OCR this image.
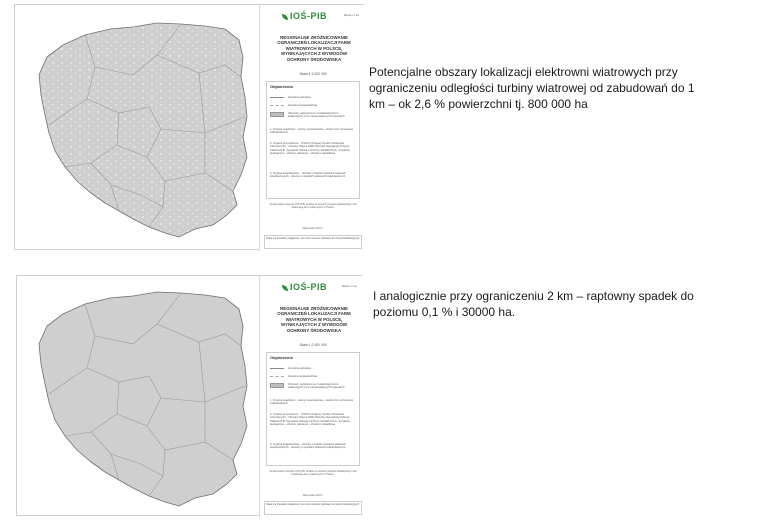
IOŚ-PIB	Mapa nr 1a
REGIONALNE ZRÓŻNICOWANIE OGRANICZEŃ LOKALIZACJI FARM WIATROWYCH W POLSCE, WYNIKAJĄCYCH Z WYMOGÓW OCHRONY ŚRODOWISKA
Skala 1:2 400 000
Objaśnienia
Granica państwa
Granica województwa
Obszary wykluczone z lokalizacji farm wiatrowych przy zastosowanych kryteriach
1. Kryteria osadnicze: - tereny mieszkaniowe - strefa 1 km od terenów zabudowanych
2. Kryteria przyrodnicze: - KSOCh (Krajowy System Obszarów Chronionych) - Obszary Natura 2000 (Obszary Specjalnej Ochrony Ptaków PLB, Specjalne Obszary Ochrony Siedlisk PLH) - korytarze ekologiczne - obszary zalesione - obszary mokradłowe
3. Kryteria krajobrazowe: - obszary o bardzo wysokich walorach krajobrazowych - obszary o wysokich walorach krajobrazowych
Opracowanie zespołu IOŚ-PIB. Analiza w ramach projektu badawczego nad lokalizacją farm wiatrowych w Polsce.
Warszawa 2010 r.
Mapa ma charakter poglądowy i nie może stanowić podstawy do decyzji lokalizacyjnych.
Potencjalne obszary lokalizacji elektrowni wiatrowych przy ograniczeniu odległości turbiny wiatrowej od zabudowań do 1 km – ok 2,6 % powierzchni tj. 800 000 ha
IOŚ-PIB	Mapa nr 1e
REGIONALNE ZRÓŻNICOWANIE OGRANICZEŃ LOKALIZACJI FARM WIATROWYCH W POLSCE, WYNIKAJĄCYCH Z WYMOGÓW OCHRONY ŚRODOWISKA
Skala 1:2 400 000
Objaśnienia
Granica państwa
Granica województwa
Obszary wykluczone z lokalizacji farm wiatrowych przy zastosowanych kryteriach
1. Kryteria osadnicze: - tereny mieszkaniowe - strefa 2 km od terenów zabudowanych
2. Kryteria przyrodnicze: - KSOCh (Krajowy System Obszarów Chronionych) - Obszary Natura 2000 (Obszary Specjalnej Ochrony Ptaków PLB, Specjalne Obszary Ochrony Siedlisk PLH) - korytarze ekologiczne - obszary zalesione - obszary mokradłowe
3. Kryteria krajobrazowe: - obszary o bardzo wysokich walorach krajobrazowych - obszary o wysokich walorach krajobrazowych
Opracowanie zespołu IOŚ-PIB. Analiza w ramach projektu badawczego nad lokalizacją farm wiatrowych w Polsce.
Warszawa 2010 r.
Mapa ma charakter poglądowy i nie może stanowić podstawy do decyzji lokalizacyjnych.
I analogicznie przy ograniczeniu 2 km – raptowny spadek do poziomu 0,1 % i 30000 ha.
